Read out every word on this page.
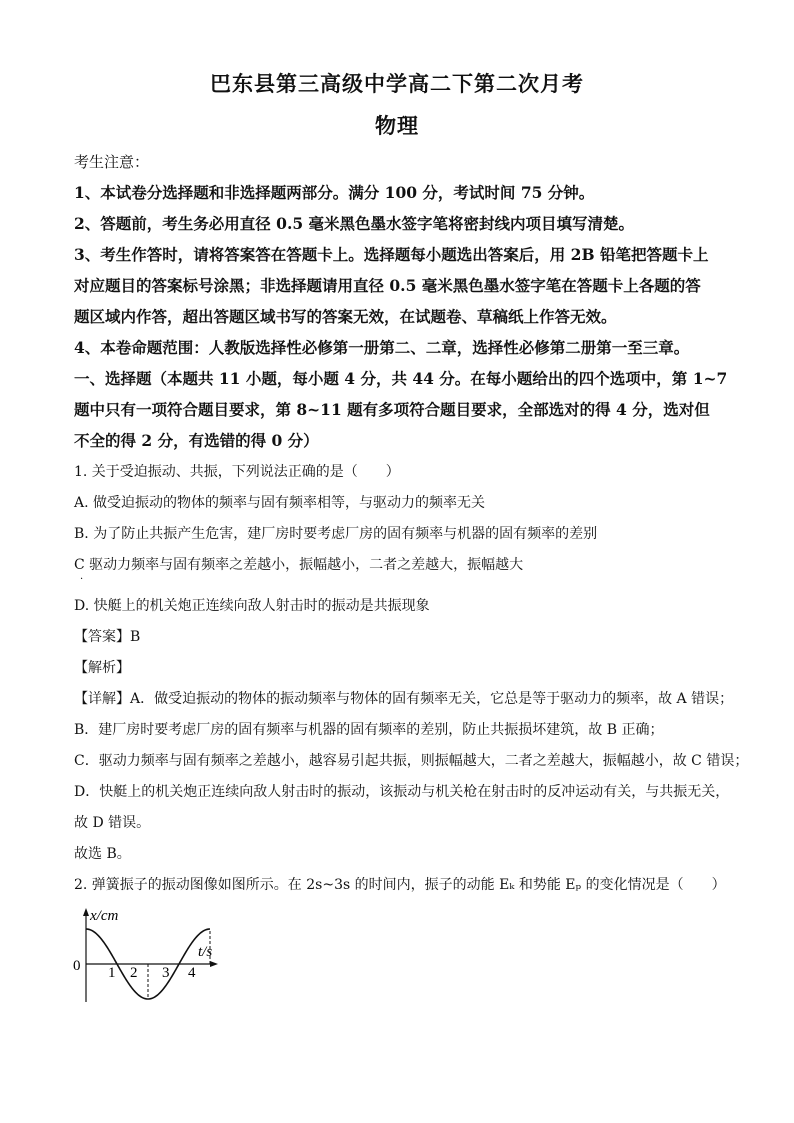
巴东县第三高级中学高二下第二次月考
物理
考生注意：
1、本试卷分选择题和非选择题两部分。满分 100 分，考试时间 75 分钟。
2、答题前，考生务必用直径 0.5 毫米黑色墨水签字笔将密封线内项目填写清楚。
3、考生作答时，请将答案答在答题卡上。选择题每小题选出答案后，用 2B 铅笔把答题卡上
对应题目的答案标号涂黑；非选择题请用直径 0.5 毫米黑色墨水签字笔在答题卡上各题的答
题区域内作答，超出答题区域书写的答案无效，在试题卷、草稿纸上作答无效。
4、本卷命题范围：人教版选择性必修第一册第二、二章，选择性必修第二册第一至三章。
一、选择题（本题共 11 小题，每小题 4 分，共 44 分。在每小题给出的四个选项中，第 1~7
题中只有一项符合题目要求，第 8~11 题有多项符合题目要求，全部选对的得 4 分，选对但
不全的得 2 分，有选错的得 0 分）
1. 关于受迫振动、共振，下列说法正确的是（　　）
A. 做受迫振动的物体的频率与固有频率相等，与驱动力的频率无关
B. 为了防止共振产生危害，建厂房时要考虑厂房的固有频率与机器的固有频率的差别
C 驱动力频率与固有频率之差越小，振幅越小，二者之差越大，振幅越大
·
D. 快艇上的机关炮正连续向敌人射击时的振动是共振现象
【答案】B
【解析】
【详解】A．做受迫振动的物体的振动频率与物体的固有频率无关，它总是等于驱动力的频率，故 A 错误；
B．建厂房时要考虑厂房的固有频率与机器的固有频率的差别，防止共振损坏建筑，故 B 正确；
C．驱动力频率与固有频率之差越小，越容易引起共振，则振幅越大，二者之差越大，振幅越小，故 C 错误；
D．快艇上的机关炮正连续向敌人射击时的振动，该振动与机关枪在射击时的反冲运动有关，与共振无关，
故 D 错误。
故选 B。
2. 弹簧振子的振动图像如图所示。在 2s~3s 的时间内，振子的动能 Eₖ 和势能 Eₚ 的变化情况是（　　）
x/cm
t/s
0 1 2 3 4
